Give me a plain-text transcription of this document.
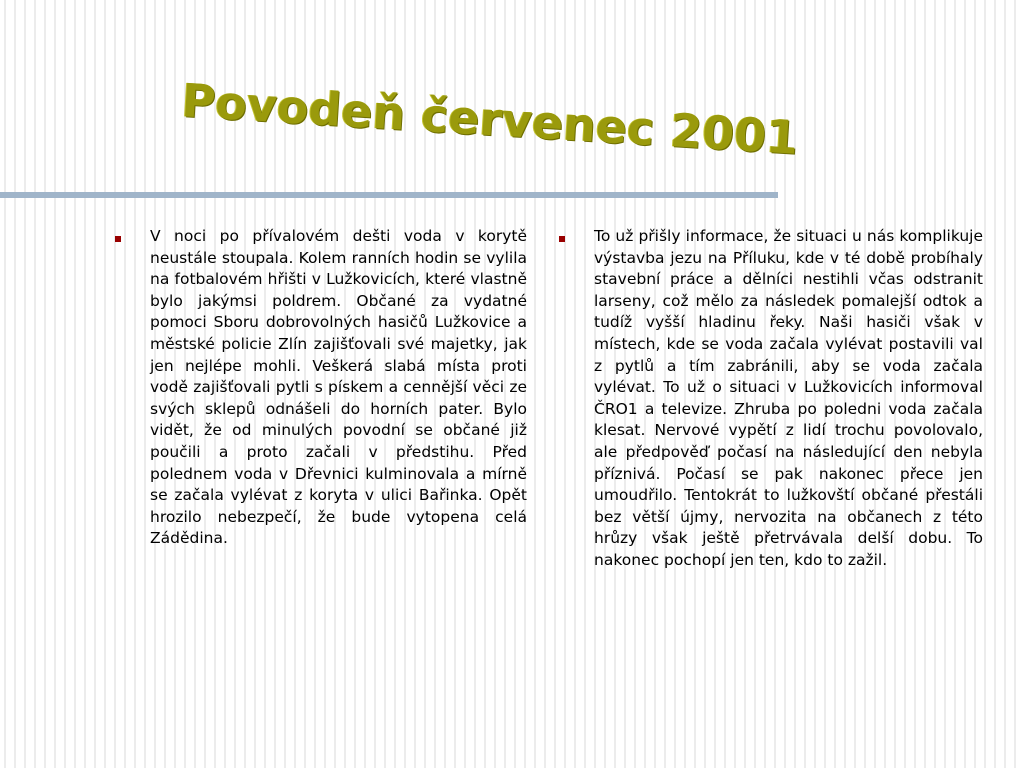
Povodeň červenec 2001
V noci po přívalovém dešti voda v korytě neustále stoupala. Kolem ranních hodin se vylila na fotbalovém hřišti v Lužkovicích, které vlastně bylo jakýmsi poldrem. Občané za vydatné pomoci Sboru dobrovolných hasičů Lužkovice a městské policie Zlín zajišťovali své majetky, jak jen nejlépe mohli. Veškerá slabá místa proti vodě zajišťovali pytli s pískem a cennější věci ze svých sklepů odnášeli do horních pater. Bylo vidět, že od minulých povodní se občané již poučili a proto začali v předstihu. Před polednem voda v Dřevnici kulminovala a mírně se začala vylévat z koryta v ulici Bařinka. Opět hrozilo nebezpečí, že bude vytopena celá Zádědina.
To už přišly informace, že situaci u nás komplikuje výstavba jezu na Příluku, kde v té době probíhaly stavební práce a dělníci nestihli včas odstranit larseny, což mělo za následek pomalejší odtok a tudíž vyšší hladinu řeky. Naši hasiči však v místech, kde se voda začala vylévat postavili val z pytlů a tím zabránili, aby se voda začala vylévat. To už o situaci v Lužkovicích informoval ČRO1 a televize. Zhruba po poledni voda začala klesat. Nervové vypětí z lidí trochu povolovalo, ale předpověď počasí na následující den nebyla příznivá. Počasí se pak nakonec přece jen umoudřilo. Tentokrát to lužkovští občané přestáli bez větší újmy, nervozita na občanech z této hrůzy však ještě přetrvávala delší dobu. To nakonec pochopí jen ten, kdo to zažil.
